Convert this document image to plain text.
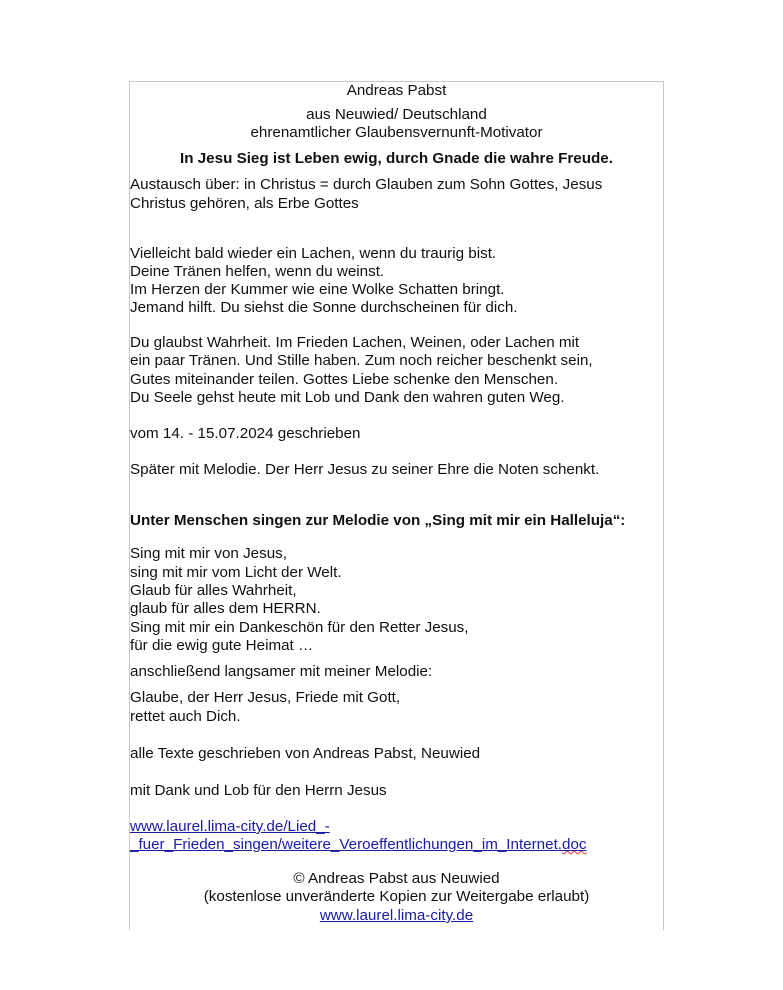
Andreas Pabst
aus Neuwied/ Deutschland
ehrenamtlicher Glaubensvernunft-Motivator
In Jesu Sieg ist Leben ewig, durch Gnade die wahre Freude.
Austausch über: in Christus = durch Glauben zum Sohn Gottes, Jesus
Christus gehören, als Erbe Gottes
Vielleicht bald wieder ein Lachen, wenn du traurig bist.
Deine Tränen helfen, wenn du weinst.
Im Herzen der Kummer wie eine Wolke Schatten bringt.
Jemand hilft. Du siehst die Sonne durchscheinen für dich.
Du glaubst Wahrheit. Im Frieden Lachen, Weinen, oder Lachen mit
ein paar Tränen. Und Stille haben. Zum noch reicher beschenkt sein,
Gutes miteinander teilen. Gottes Liebe schenke den Menschen.
Du Seele gehst heute mit Lob und Dank den wahren guten Weg.
vom 14. - 15.07.2024 geschrieben
Später mit Melodie. Der Herr Jesus zu seiner Ehre die Noten schenkt.
Unter Menschen singen zur Melodie von „Sing mit mir ein Halleluja“:
Sing mit mir von Jesus,
sing mit mir vom Licht der Welt.
Glaub für alles Wahrheit,
glaub für alles dem HERRN.
Sing mit mir ein Dankeschön für den Retter Jesus,
für die ewig gute Heimat …
anschließend langsamer mit meiner Melodie:
Glaube, der Herr Jesus, Friede mit Gott,
rettet auch Dich.
alle Texte geschrieben von Andreas Pabst, Neuwied
mit Dank und Lob für den Herrn Jesus
www.laurel.lima-city.de/Lied_-
_fuer_Frieden_singen/weitere_Veroeffentlichungen_im_Internet.doc
© Andreas Pabst aus Neuwied
(kostenlose unveränderte Kopien zur Weitergabe erlaubt)
www.laurel.lima-city.de
